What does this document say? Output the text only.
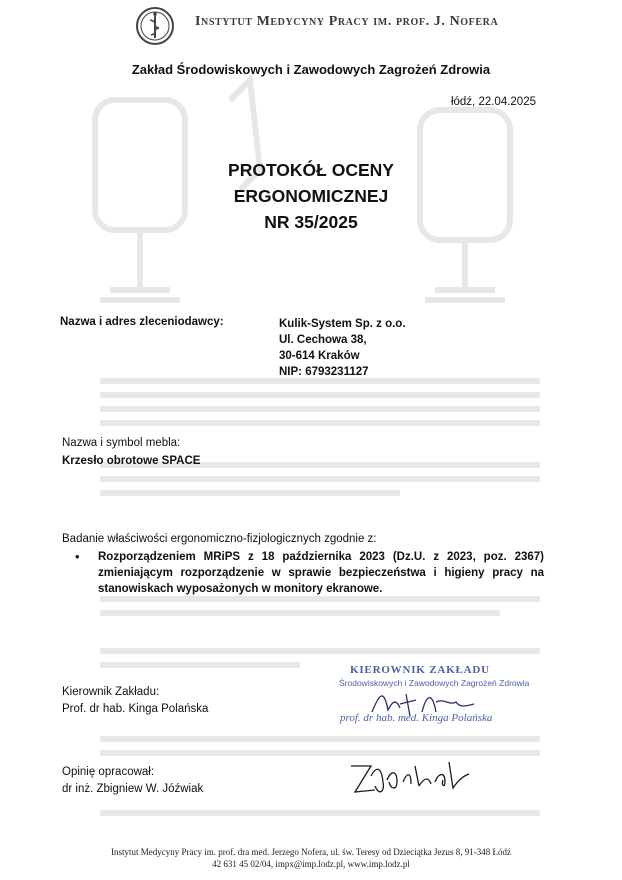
Instytut Medycyny Pracy im. prof. J. Nofera
Zakład Środowiskowych i Zawodowych Zagrożeń Zdrowia
łódź, 22.04.2025
PROTOKÓŁ OCENY
ERGONOMICZNEJ
NR 35/2025
Nazwa i adres zleceniodawcy:	Kulik-System Sp. z o.o.
Ul. Cechowa 38,
30-614 Kraków
NIP: 6793231127
Nazwa i symbol mebla:
Krzesło obrotowe SPACE
Badanie właściwości ergonomiczno-fizjologicznych zgodnie z:
• Rozporządzeniem MRiPS z 18 października 2023 (Dz.U. z 2023, poz. 2367) zmieniającym rozporządzenie w sprawie bezpieczeństwa i higieny pracy na stanowiskach wyposażonych w monitory ekranowe.
KIEROWNIK ZAKŁADU
Środowiskowych i Zawodowych Zagrożeń Zdrowia
prof. dr hab. med. Kinga Polańska
Kierownik Zakładu:
Prof. dr hab. Kinga Polańska
Opinię opracował:
dr inż. Zbigniew W. Jóźwiak
Instytut Medycyny Pracy im. prof. dra med. Jerzego Nofera, ul. św. Teresy od Dzieciątka Jezus 8, 91-348 Łódź
42 631 45 02/04, impx@imp.lodz.pl, www.imp.lodz.pl
